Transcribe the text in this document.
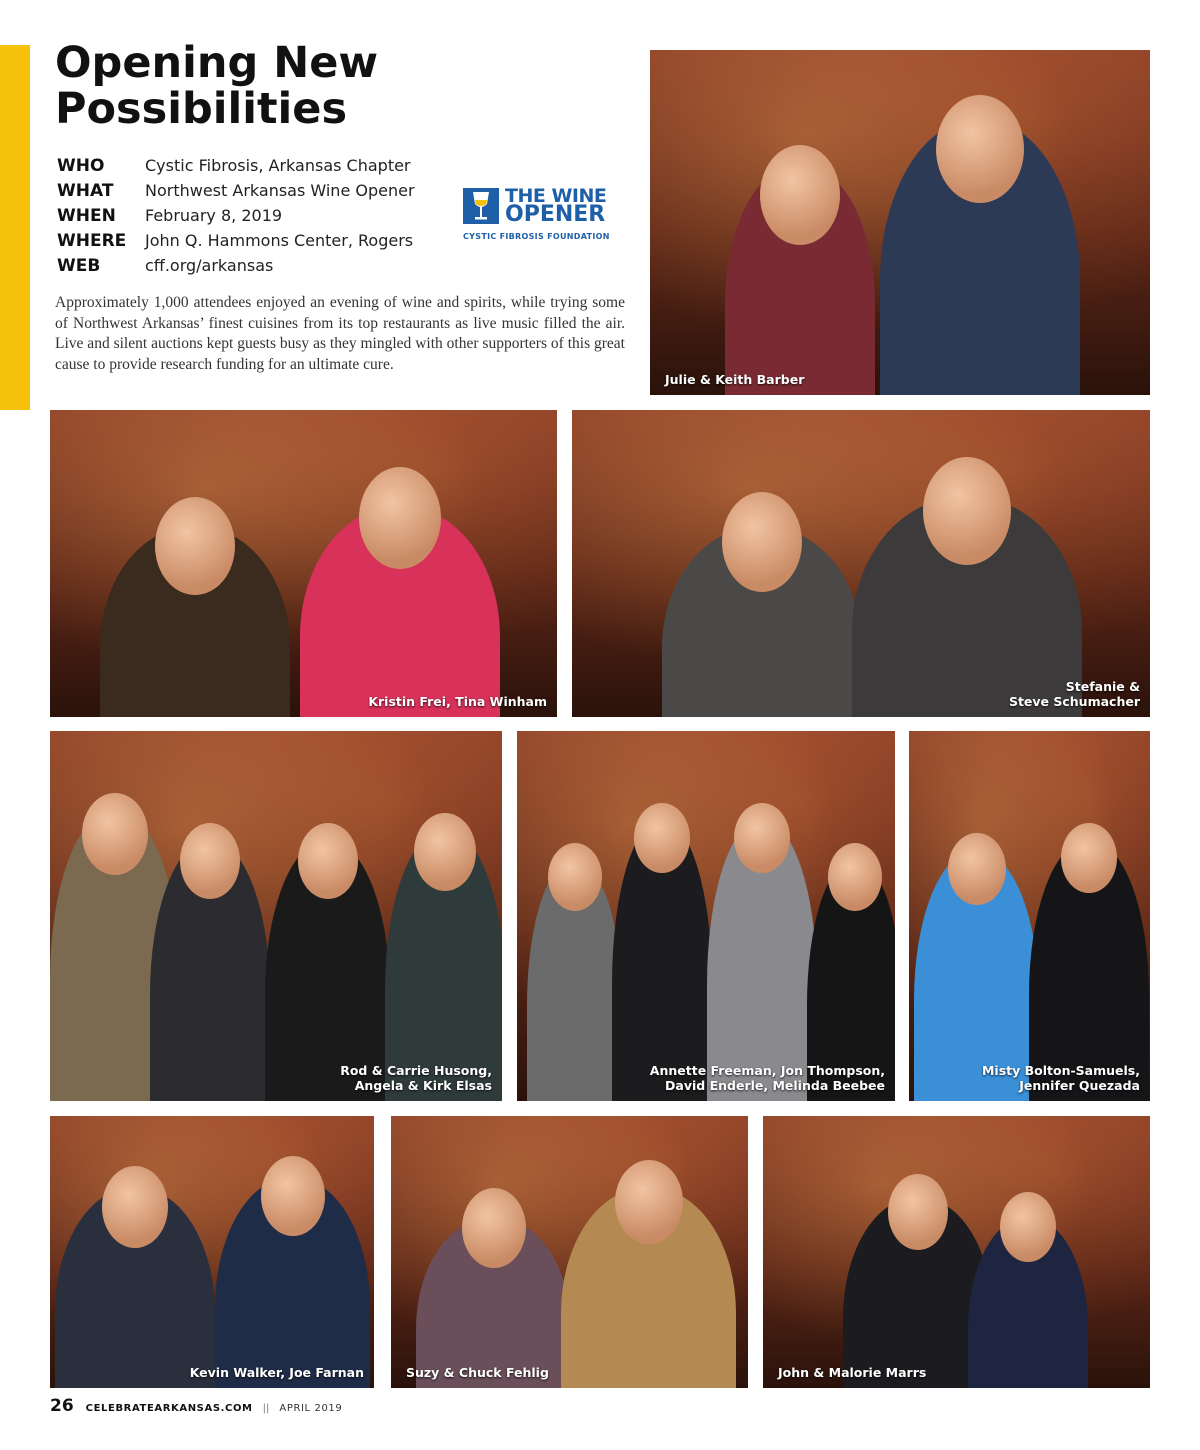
Opening New
Possibilities
WHO	Cystic Fibrosis, Arkansas Chapter
WHAT	Northwest Arkansas Wine Opener
WHEN	February 8, 2019
WHERE	John Q. Hammons Center, Rogers
WEB	cff.org/arkansas
THE WINE
OPENER
CYSTIC FIBROSIS FOUNDATION

Approximately 1,000 attendees enjoyed an evening of wine and spirits, while trying some of Northwest Arkansas’ finest cuisines from its top restaurants as live music filled the air. Live and silent auctions kept guests busy as they mingled with other supporters of this great cause to provide research funding for an ultimate cure.

Julie & Keith Barber
Kristin Frei, Tina Winham
Stefanie &
Steve Schumacher
Rod & Carrie Husong,
Angela & Kirk Elsas
Annette Freeman, Jon Thompson,
David Enderle, Melinda Beebee
Misty Bolton-Samuels,
Jennifer Quezada
Kevin Walker, Joe Farnan	Suzy & Chuck Fehlig	John & Malorie Marrs
26 CELEBRATEARKANSAS.COM || APRIL 2019
